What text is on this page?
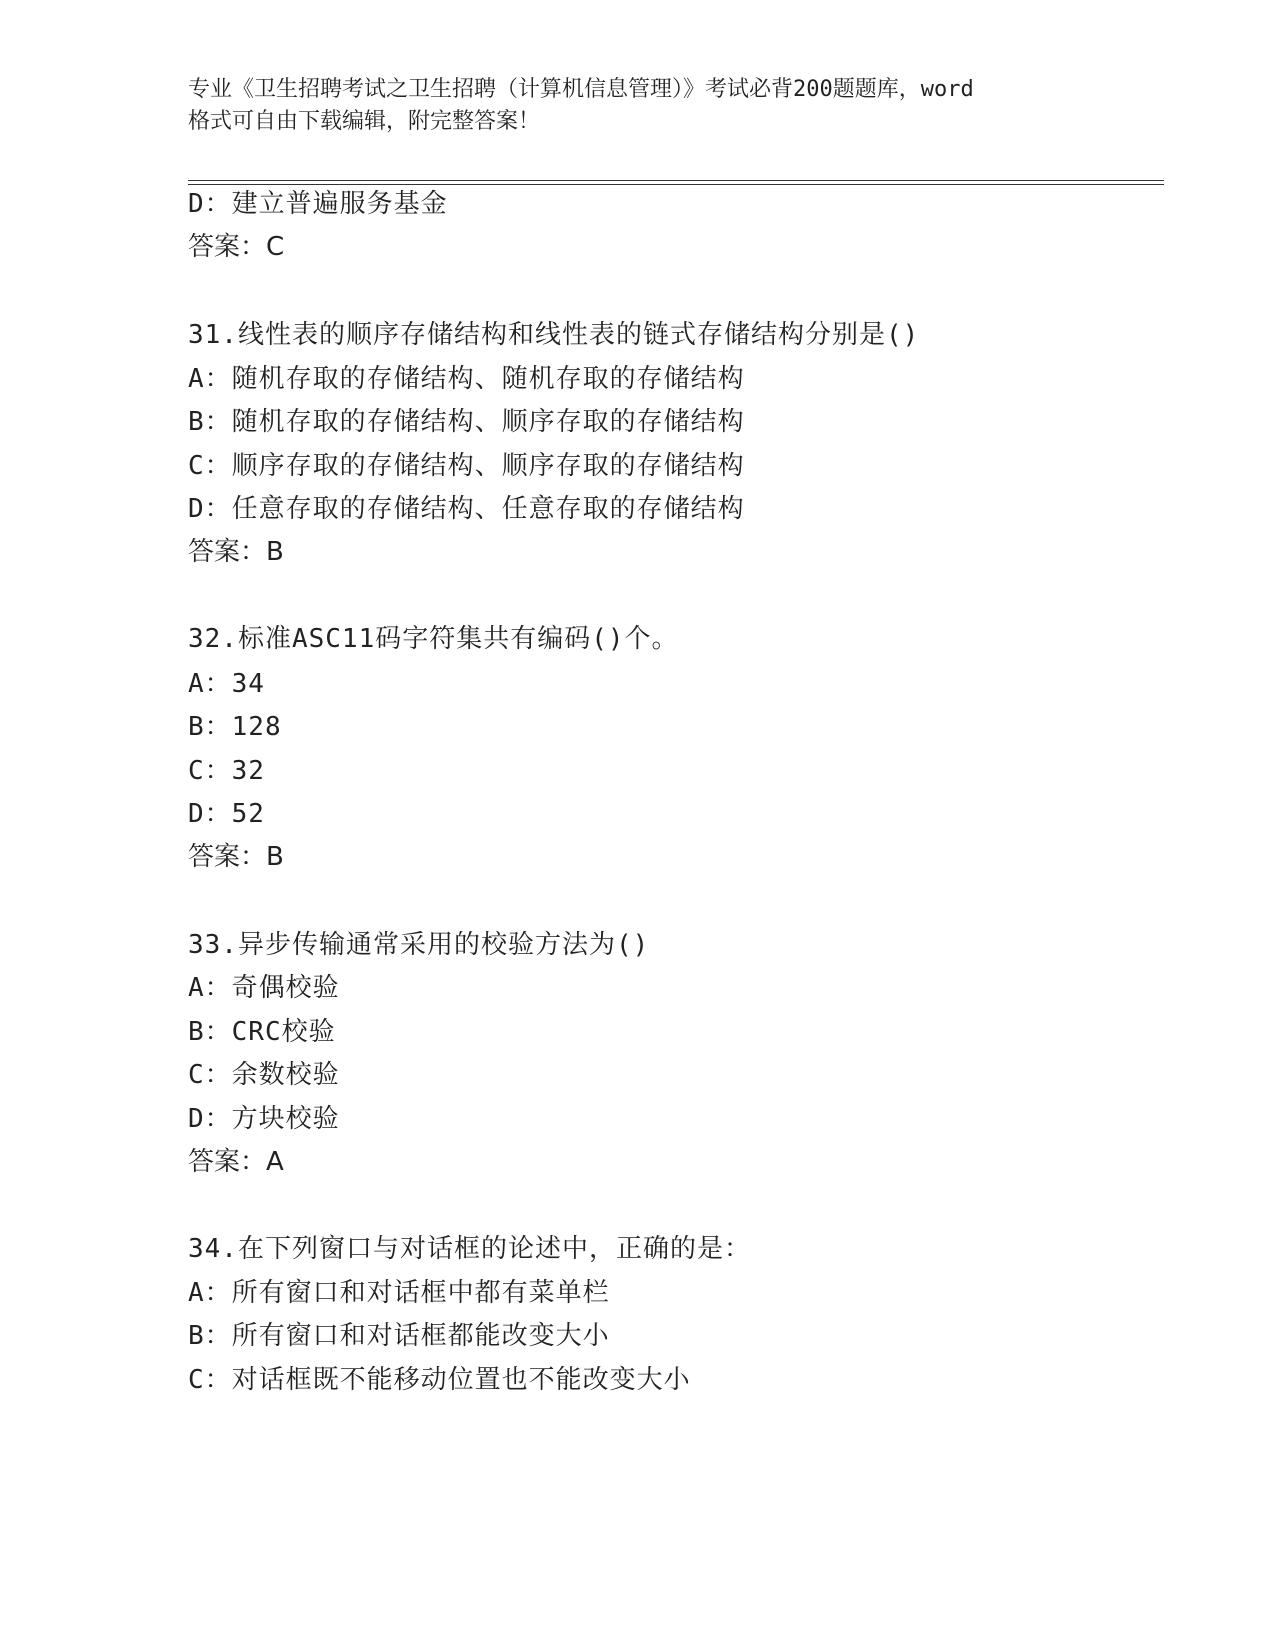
专业《卫生招聘考试之卫生招聘（计算机信息管理）》考试必背200题题库，word
格式可自由下载编辑，附完整答案！
D：建立普遍服务基金
答案：C
31.线性表的顺序存储结构和线性表的链式存储结构分别是()
A：随机存取的存储结构、随机存取的存储结构
B：随机存取的存储结构、顺序存取的存储结构
C：顺序存取的存储结构、顺序存取的存储结构
D：任意存取的存储结构、任意存取的存储结构
答案：B
32.标准ASC11码字符集共有编码()个。
A：34
B：128
C：32
D：52
答案：B
33.异步传输通常采用的校验方法为()
A：奇偶校验
B：CRC校验
C：余数校验
D：方块校验
答案：A
34.在下列窗口与对话框的论述中，正确的是：
A：所有窗口和对话框中都有菜单栏
B：所有窗口和对话框都能改变大小
C：对话框既不能移动位置也不能改变大小
